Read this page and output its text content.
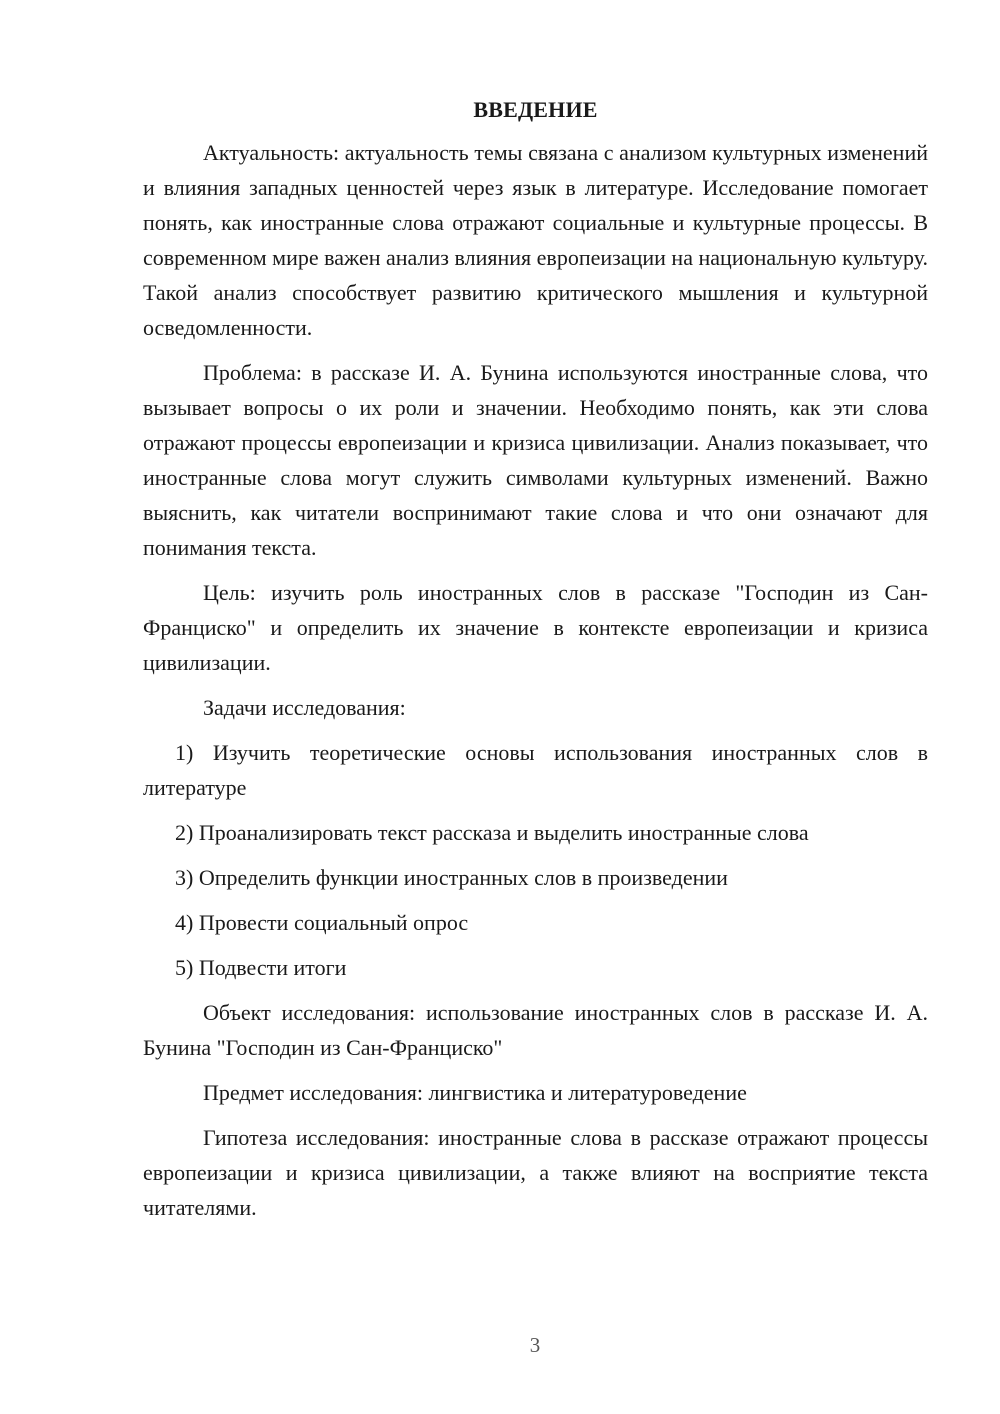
ВВЕДЕНИЕ

Актуальность: актуальность темы связана с анализом культурных изменений и влияния западных ценностей через язык в литературе. Исследование помогает понять, как иностранные слова отражают социальные и культурные процессы. В современном мире важен анализ влияния европеизации на национальную культуру. Такой анализ способствует развитию критического мышления и культурной осведомленности.

Проблема: в рассказе И. А. Бунина используются иностранные слова, что вызывает вопросы о их роли и значении. Необходимо понять, как эти слова отражают процессы европеизации и кризиса цивилизации. Анализ показывает, что иностранные слова могут служить символами культурных изменений. Важно выяснить, как читатели воспринимают такие слова и что они означают для понимания текста.

Цель: изучить роль иностранных слов в рассказе "Господин из Сан-Франциско" и определить их значение в контексте европеизации и кризиса цивилизации.

Задачи исследования:

1) Изучить теоретические основы использования иностранных слов в литературе

2) Проанализировать текст рассказа и выделить иностранные слова

3) Определить функции иностранных слов в произведении

4) Провести социальный опрос

5) Подвести итоги

Объект исследования: использование иностранных слов в рассказе И. А. Бунина "Господин из Сан-Франциско"

Предмет исследования: лингвистика и литературоведение

Гипотеза исследования: иностранные слова в рассказе отражают процессы европеизации и кризиса цивилизации, а также влияют на восприятие текста читателями.

3
